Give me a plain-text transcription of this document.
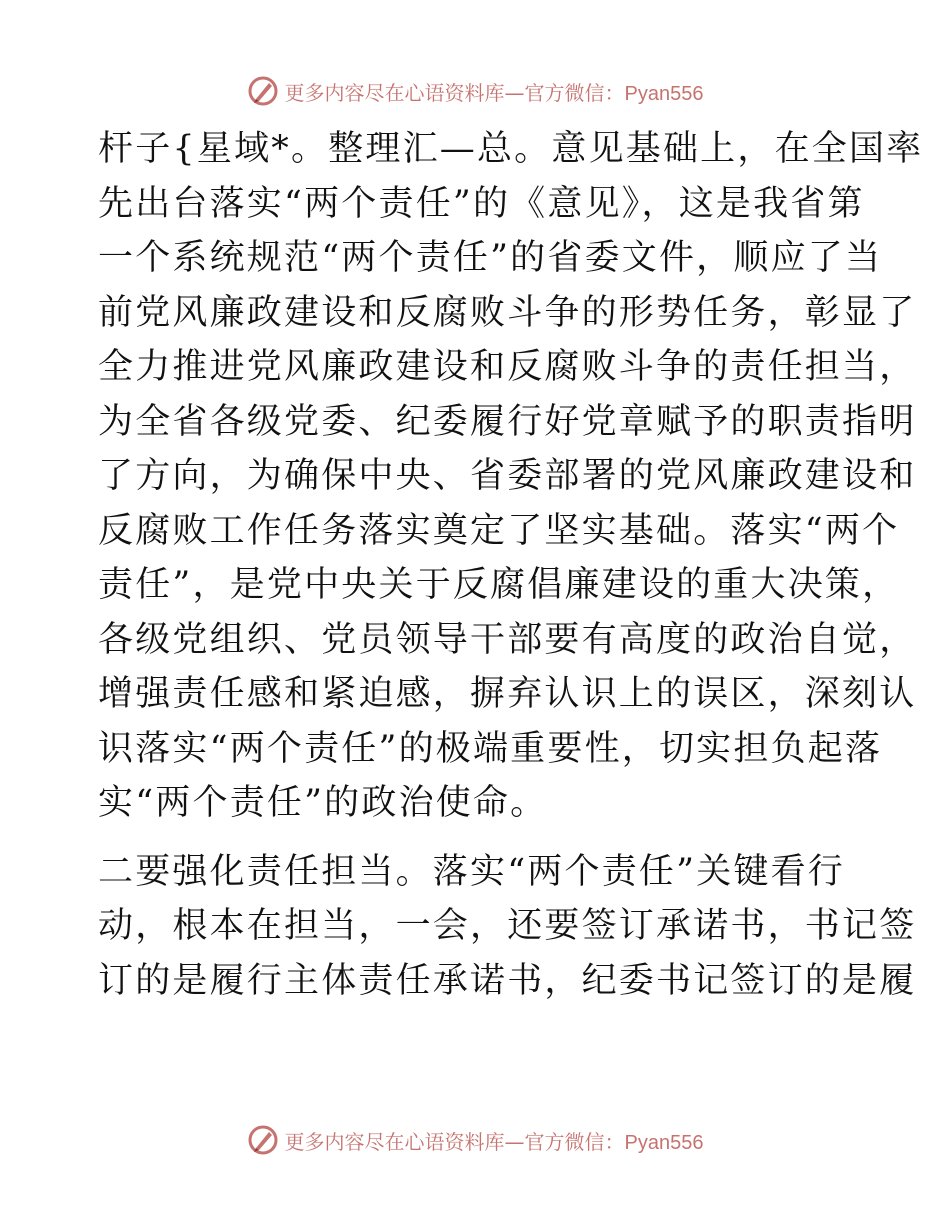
更多内容尽在心语资料库—官方微信：Pyan556
杆子{星域*。整理汇—总。意见基础上，在全国率
先出台落实“两个责任”的《意见》，这是我省第
一个系统规范“两个责任”的省委文件，顺应了当
前党风廉政建设和反腐败斗争的形势任务，彰显了
全力推进党风廉政建设和反腐败斗争的责任担当，
为全省各级党委、纪委履行好党章赋予的职责指明
了方向，为确保中央、省委部署的党风廉政建设和
反腐败工作任务落实奠定了坚实基础。落实“两个
责任”，是党中央关于反腐倡廉建设的重大决策，
各级党组织、党员领导干部要有高度的政治自觉，
增强责任感和紧迫感，摒弃认识上的误区，深刻认
识落实“两个责任”的极端重要性，切实担负起落
实“两个责任”的政治使命。
二要强化责任担当。落实“两个责任”关键看行
动，根本在担当，一会，还要签订承诺书，书记签
订的是履行主体责任承诺书，纪委书记签订的是履
更多内容尽在心语资料库—官方微信：Pyan556
